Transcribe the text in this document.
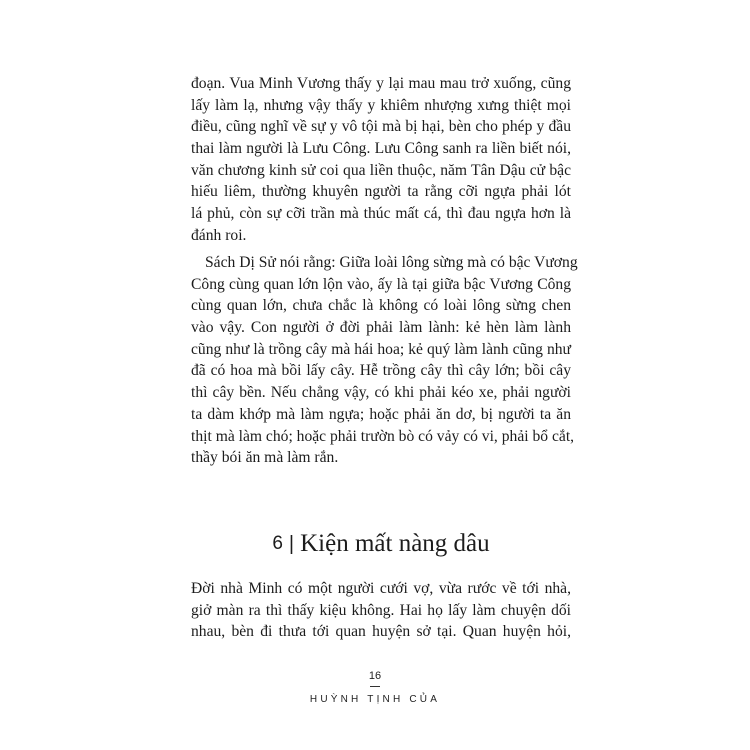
đoạn. Vua Minh Vương thấy y lại mau mau trở xuống, cũng
lấy làm lạ, nhưng vậy thấy y khiêm nhượng xưng thiệt mọi
điều, cũng nghĩ về sự y vô tội mà bị hại, bèn cho phép y đầu
thai làm người là Lưu Công. Lưu Công sanh ra liền biết nói,
văn chương kinh sử coi qua liền thuộc, năm Tân Dậu cử bậc
hiếu liêm, thường khuyên người ta rằng cỡi ngựa phải lót
lá phủ, còn sự cỡi trần mà thúc mất cá, thì đau ngựa hơn là
đánh roi.
Sách Dị Sử nói rằng: Giữa loài lông sừng mà có bậc Vương
Công cùng quan lớn lộn vào, ấy là tại giữa bậc Vương Công
cùng quan lớn, chưa chắc là không có loài lông sừng chen
vào vậy. Con người ở đời phải làm lành: kẻ hèn làm lành
cũng như là trồng cây mà hái hoa; kẻ quý làm lành cũng như
đã có hoa mà bồi lấy cây. Hễ trồng cây thì cây lớn; bồi cây
thì cây bền. Nếu chẳng vậy, có khi phải kéo xe, phải người
ta dàm khớp mà làm ngựa; hoặc phải ăn dơ, bị người ta ăn
thịt mà làm chó; hoặc phải trườn bò có vảy có vi, phải bổ cắt,
thầy bói ăn mà làm rắn.
6 | Kiện mất nàng dâu
Đời nhà Minh có một người cưới vợ, vừa rước về tới nhà,
giở màn ra thì thấy kiệu không. Hai họ lấy làm chuyện dối
nhau, bèn đi thưa tới quan huyện sở tại. Quan huyện hỏi,
16
HUỲNH TỊNH CỦA
